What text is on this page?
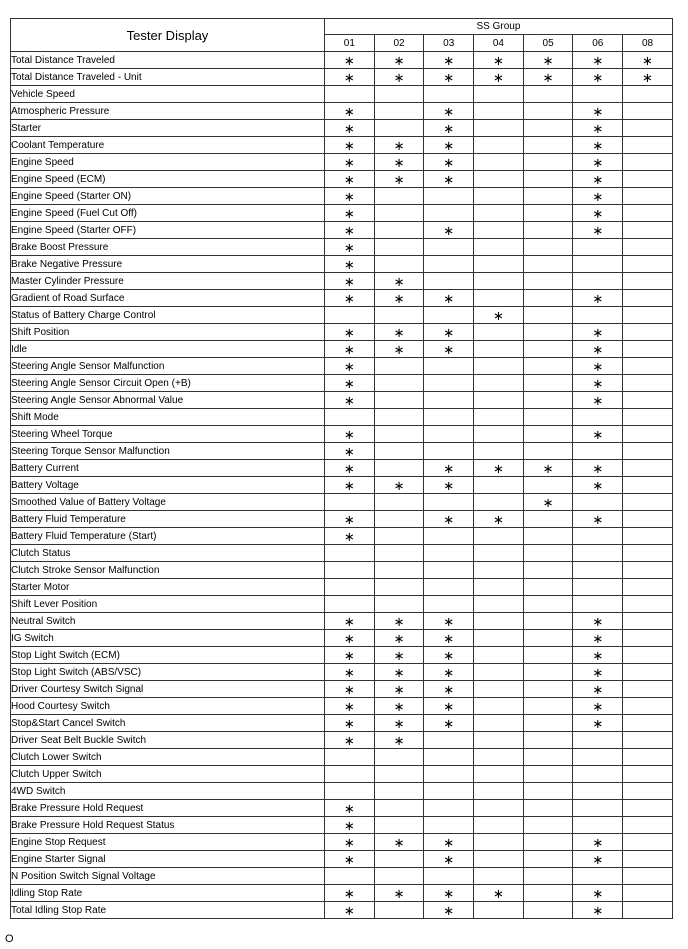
Tester Display	SS Group						
	01	02	03	04	05	06	08
Total Distance Traveled	∗	∗	∗	∗	∗	∗	∗
Total Distance Traveled - Unit	∗	∗	∗	∗	∗	∗	∗
Vehicle Speed							
Atmospheric Pressure	∗		∗			∗	
Starter	∗		∗			∗	
Coolant Temperature	∗	∗	∗			∗	
Engine Speed	∗	∗	∗			∗	
Engine Speed (ECM)	∗	∗	∗			∗	
Engine Speed (Starter ON)	∗					∗	
Engine Speed (Fuel Cut Off)	∗					∗	
Engine Speed (Starter OFF)	∗		∗			∗	
Brake Boost Pressure	∗						
Brake Negative Pressure	∗						
Master Cylinder Pressure	∗	∗					
Gradient of Road Surface	∗	∗	∗			∗	
Status of Battery Charge Control				∗			
Shift Position	∗	∗	∗			∗	
Idle	∗	∗	∗			∗	
Steering Angle Sensor Malfunction	∗					∗	
Steering Angle Sensor Circuit Open (+B)	∗					∗	
Steering Angle Sensor Abnormal Value	∗					∗	
Shift Mode							
Steering Wheel Torque	∗					∗	
Steering Torque Sensor Malfunction	∗						
Battery Current	∗		∗	∗	∗	∗	
Battery Voltage	∗	∗	∗			∗	
Smoothed Value of Battery Voltage					∗		
Battery Fluid Temperature	∗		∗	∗		∗	
Battery Fluid Temperature (Start)	∗						
Clutch Status							
Clutch Stroke Sensor Malfunction							
Starter Motor							
Shift Lever Position							
Neutral Switch	∗	∗	∗			∗	
IG Switch	∗	∗	∗			∗	
Stop Light Switch (ECM)	∗	∗	∗			∗	
Stop Light Switch (ABS/VSC)	∗	∗	∗			∗	
Driver Courtesy Switch Signal	∗	∗	∗			∗	
Hood Courtesy Switch	∗	∗	∗			∗	
Stop&Start Cancel Switch	∗	∗	∗			∗	
Driver Seat Belt Buckle Switch	∗	∗					
Clutch Lower Switch							
Clutch Upper Switch							
4WD Switch							
Brake Pressure Hold Request	∗						
Brake Pressure Hold Request Status	∗						
Engine Stop Request	∗	∗	∗			∗	
Engine Starter Signal	∗		∗			∗	
N Position Switch Signal Voltage							
Idling Stop Rate	∗	∗	∗	∗		∗	
Total Idling Stop Rate	∗		∗			∗	
O
